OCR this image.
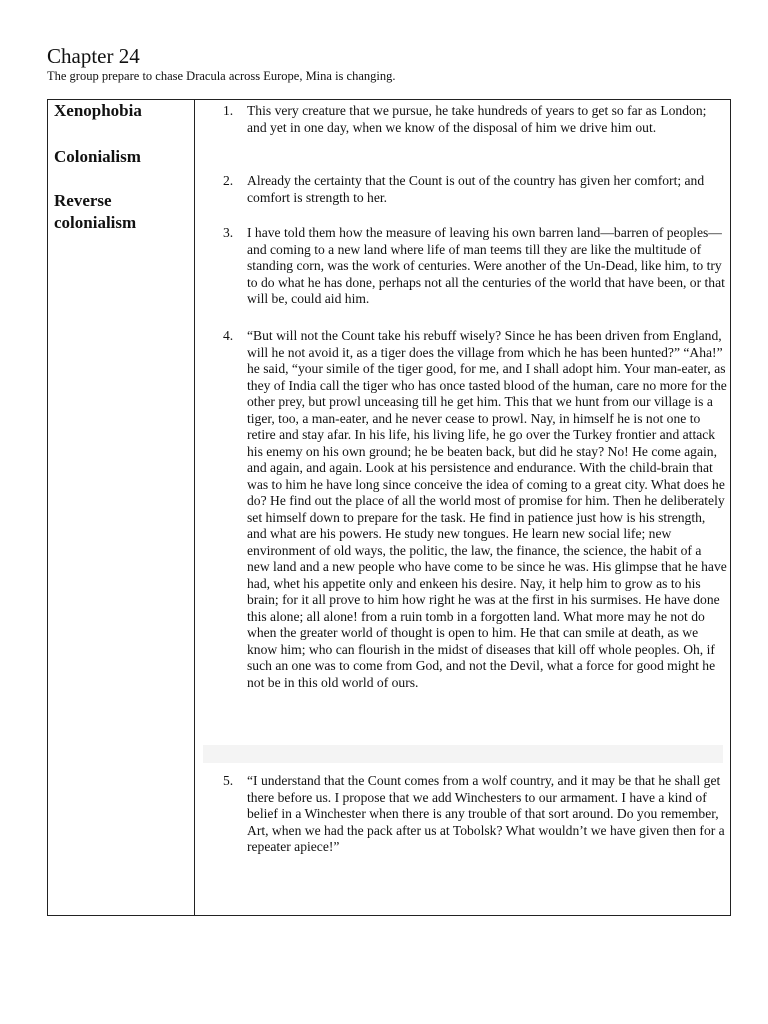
Chapter 24
The group prepare to chase Dracula across Europe, Mina is changing.
Xenophobia
Colonialism
Reverse colonialism
1. This very creature that we pursue, he take hundreds of years to get so far as London; and yet in one day, when we know of the disposal of him we drive him out.
2. Already the certainty that the Count is out of the country has given her comfort; and comfort is strength to her.
3. I have told them how the measure of leaving his own barren land—barren of peoples—and coming to a new land where life of man teems till they are like the multitude of standing corn, was the work of centuries. Were another of the Un-Dead, like him, to try to do what he has done, perhaps not all the centuries of the world that have been, or that will be, could aid him.
4. “But will not the Count take his rebuff wisely? Since he has been driven from England, will he not avoid it, as a tiger does the village from which he has been hunted?” “Aha!” he said, “your simile of the tiger good, for me, and I shall adopt him. Your man-eater, as they of India call the tiger who has once tasted blood of the human, care no more for the other prey, but prowl unceasing till he get him. This that we hunt from our village is a tiger, too, a man-eater, and he never cease to prowl. Nay, in himself he is not one to retire and stay afar. In his life, his living life, he go over the Turkey frontier and attack his enemy on his own ground; he be beaten back, but did he stay? No! He come again, and again, and again. Look at his persistence and endurance. With the child-brain that was to him he have long since conceive the idea of coming to a great city. What does he do? He find out the place of all the world most of promise for him. Then he deliberately set himself down to prepare for the task. He find in patience just how is his strength, and what are his powers. He study new tongues. He learn new social life; new environment of old ways, the politic, the law, the finance, the science, the habit of a new land and a new people who have come to be since he was. His glimpse that he have had, whet his appetite only and enkeen his desire. Nay, it help him to grow as to his brain; for it all prove to him how right he was at the first in his surmises. He have done this alone; all alone! from a ruin tomb in a forgotten land. What more may he not do when the greater world of thought is open to him. He that can smile at death, as we know him; who can flourish in the midst of diseases that kill off whole peoples. Oh, if such an one was to come from God, and not the Devil, what a force for good might he not be in this old world of ours.
5. “I understand that the Count comes from a wolf country, and it may be that he shall get there before us. I propose that we add Winchesters to our armament. I have a kind of belief in a Winchester when there is any trouble of that sort around. Do you remember, Art, when we had the pack after us at Tobolsk? What wouldn’t we have given then for a repeater apiece!”
